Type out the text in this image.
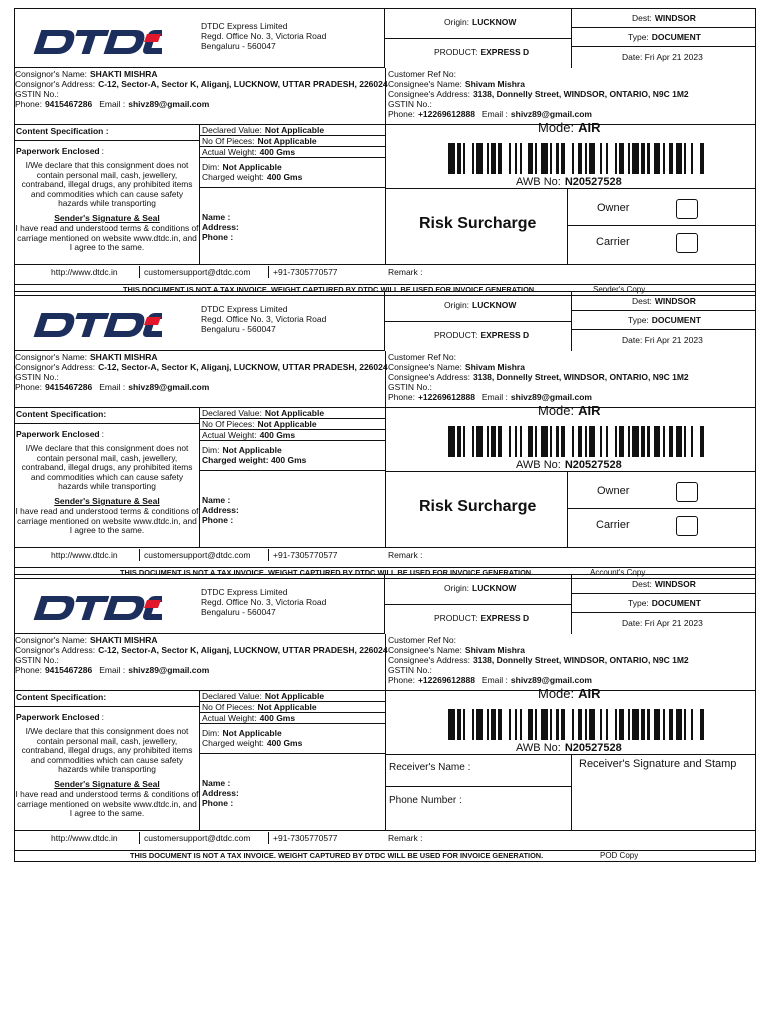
DTDC Express Limited
Regd. Office No. 3, Victoria Road
Bengaluru - 560047
Origin: LUCKNOW
PRODUCT: EXPRESS D
Dest: WINDSOR
Type: DOCUMENT
Date: Fri Apr 21 2023
Consignor's Name: SHAKTI MISHRA
Consignor's Address: C-12, Sector-A, Sector K, Aliganj, LUCKNOW, UTTAR PRADESH, 226024
GSTIN No.:
Phone: 9415467286 Email : shivz89@gmail.com
Customer Ref No:
Consignee's Name: Shivam Mishra
Consignee's Address: 3138, Donnelly Street, WINDSOR, ONTARIO, N9C 1M2
GSTIN No.:
Phone: +12269612888 Email : shivz89@gmail.com
Content Specification :
Paperwork Enclosed :
I/We declare that this consignment does not contain personal mail, cash, jewellery, contraband, illegal drugs, any prohibited items and commodities which can cause safety hazards while transporting
Sender's Signature & Seal
I have read and understood terms & conditions of carriage mentioned on website www.dtdc.in, and I agree to the same.
Declared Value: Not Applicable
No Of Pieces: Not Applicable
Actual Weight: 400 Gms
Dim: Not Applicable
Charged weight: 400 Gms
Name :
Address:
Phone :
Mode: AIR
AWB No: N20527528
Risk Surcharge
Owner
Carrier
http://www.dtdc.in	customersupport@dtdc.com	+91-7305770577	Remark :
THIS DOCUMENT IS NOT A TAX INVOICE. WEIGHT CAPTURED BY DTDC WILL BE USED FOR INVOICE GENERATION.	Sender's Copy
DTDC Express Limited
Regd. Office No. 3, Victoria Road
Bengaluru - 560047
Origin: LUCKNOW
PRODUCT: EXPRESS D
Dest: WINDSOR
Type: DOCUMENT
Date: Fri Apr 21 2023
Consignor's Name: SHAKTI MISHRA
Consignor's Address: C-12, Sector-A, Sector K, Aliganj, LUCKNOW, UTTAR PRADESH, 226024
GSTIN No.:
Phone: 9415467286 Email : shivz89@gmail.com
Customer Ref No:
Consignee's Name: Shivam Mishra
Consignee's Address: 3138, Donnelly Street, WINDSOR, ONTARIO, N9C 1M2
GSTIN No.:
Phone: +12269612888 Email : shivz89@gmail.com
Content Specification:
Paperwork Enclosed :
I/We declare that this consignment does not contain personal mail, cash, jewellery, contraband, illegal drugs, any prohibited items and commodities which can cause safety hazards while transporting
Sender's Signature & Seal
I have read and understood terms & conditions of carriage mentioned on website www.dtdc.in, and I agree to the same.
Declared Value: Not Applicable
No Of Pieces: Not Applicable
Actual Weight: 400 Gms
Dim: Not Applicable
Charged weight: 400 Gms
Name :
Address:
Phone :
Mode: AIR
AWB No: N20527528
Risk Surcharge
Owner
Carrier
http://www.dtdc.in	customersupport@dtdc.com	+91-7305770577	Remark :
THIS DOCUMENT IS NOT A TAX INVOICE. WEIGHT CAPTURED BY DTDC WILL BE USED FOR INVOICE GENERATION.	Account's Copy
DTDC Express Limited
Regd. Office No. 3, Victoria Road
Bengaluru - 560047
Origin: LUCKNOW
PRODUCT: EXPRESS D
Dest: WINDSOR
Type: DOCUMENT
Date: Fri Apr 21 2023
Consignor's Name: SHAKTI MISHRA
Consignor's Address: C-12, Sector-A, Sector K, Aliganj, LUCKNOW, UTTAR PRADESH, 226024
GSTIN No.:
Phone: 9415467286 Email : shivz89@gmail.com
Customer Ref No:
Consignee's Name: Shivam Mishra
Consignee's Address: 3138, Donnelly Street, WINDSOR, ONTARIO, N9C 1M2
GSTIN No.:
Phone: +12269612888 Email : shivz89@gmail.com
Content Specification:
Paperwork Enclosed :
I/We declare that this consignment does not contain personal mail, cash, jewellery, contraband, illegal drugs, any prohibited items and commodities which can cause safety hazards while transporting
Sender's Signature & Seal
I have read and understood terms & conditions of carriage mentioned on website www.dtdc.in, and I agree to the same.
Declared Value: Not Applicable
No Of Pieces: Not Applicable
Actual Weight: 400 Gms
Dim: Not Applicable
Charged weight: 400 Gms
Name :
Address:
Phone :
Mode: AIR
AWB No: N20527528
Receiver's Name :
Phone Number :
Receiver's Signature and Stamp
http://www.dtdc.in	customersupport@dtdc.com	+91-7305770577	Remark :
THIS DOCUMENT IS NOT A TAX INVOICE. WEIGHT CAPTURED BY DTDC WILL BE USED FOR INVOICE GENERATION.	POD Copy
